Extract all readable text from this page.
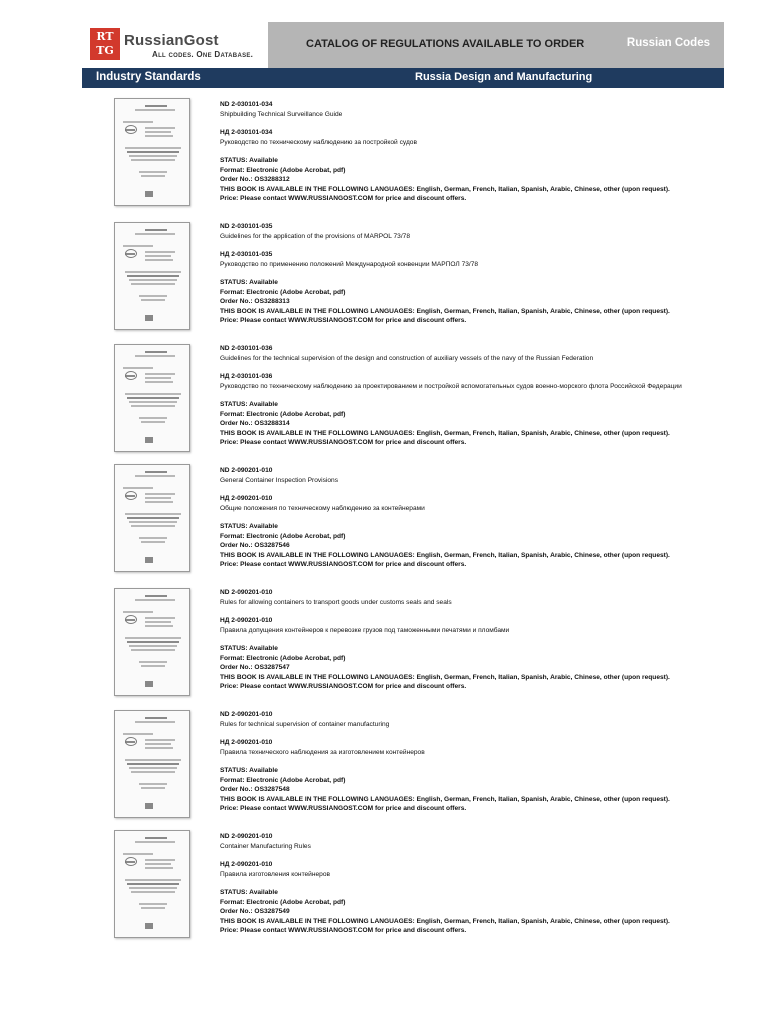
RT
TG
RussianGost
All codes. One Database.
CATALOG OF REGULATIONS AVAILABLE TO ORDER	Russian Codes
Industry Standards	Russia Design and Manufacturing
ND 2-030101-034
Shipbuilding Technical Surveillance Guide
НД 2-030101-034
Руководство по техническому наблюдению за постройкой судов
STATUS: Available
Format: Electronic (Adobe Acrobat, pdf)
Order No.: OS3288312
THIS BOOK IS AVAILABLE IN THE FOLLOWING LANGUAGES: English, German, French, Italian, Spanish, Arabic, Chinese, other (upon request).
Price: Please contact WWW.RUSSIANGOST.COM for price and discount offers.
ND 2-030101-035
Guidelines for the application of the provisions of MARPOL 73/78
НД 2-030101-035
Руководство по применению положений Международной конвенции МАРПОЛ 73/78
STATUS: Available
Format: Electronic (Adobe Acrobat, pdf)
Order No.: OS3288313
THIS BOOK IS AVAILABLE IN THE FOLLOWING LANGUAGES: English, German, French, Italian, Spanish, Arabic, Chinese, other (upon request).
Price: Please contact WWW.RUSSIANGOST.COM for price and discount offers.
ND 2-030101-036
Guidelines for the technical supervision of the design and construction of auxiliary vessels of the navy of the Russian Federation
НД 2-030101-036
Руководство по техническому наблюдению за проектированием и постройкой вспомогательных судов военно-морского флота Российской Федерации
STATUS: Available
Format: Electronic (Adobe Acrobat, pdf)
Order No.: OS3288314
THIS BOOK IS AVAILABLE IN THE FOLLOWING LANGUAGES: English, German, French, Italian, Spanish, Arabic, Chinese, other (upon request).
Price: Please contact WWW.RUSSIANGOST.COM for price and discount offers.
ND 2-090201-010
General Container Inspection Provisions
НД 2-090201-010
Общие положения по техническому наблюдению за контейнерами
STATUS: Available
Format: Electronic (Adobe Acrobat, pdf)
Order No.: OS3287546
THIS BOOK IS AVAILABLE IN THE FOLLOWING LANGUAGES: English, German, French, Italian, Spanish, Arabic, Chinese, other (upon request).
Price: Please contact WWW.RUSSIANGOST.COM for price and discount offers.
ND 2-090201-010
Rules for allowing containers to transport goods under customs seals and seals
НД 2-090201-010
Правила допущения контейнеров к перевозке грузов под таможенными печатями и пломбами
STATUS: Available
Format: Electronic (Adobe Acrobat, pdf)
Order No.: OS3287547
THIS BOOK IS AVAILABLE IN THE FOLLOWING LANGUAGES: English, German, French, Italian, Spanish, Arabic, Chinese, other (upon request).
Price: Please contact WWW.RUSSIANGOST.COM for price and discount offers.
ND 2-090201-010
Rules for technical supervision of container manufacturing
НД 2-090201-010
Правила технического наблюдения за изготовлением контейнеров
STATUS: Available
Format: Electronic (Adobe Acrobat, pdf)
Order No.: OS3287548
THIS BOOK IS AVAILABLE IN THE FOLLOWING LANGUAGES: English, German, French, Italian, Spanish, Arabic, Chinese, other (upon request).
Price: Please contact WWW.RUSSIANGOST.COM for price and discount offers.
ND 2-090201-010
Container Manufacturing Rules
НД 2-090201-010
Правила изготовления контейнеров
STATUS: Available
Format: Electronic (Adobe Acrobat, pdf)
Order No.: OS3287549
THIS BOOK IS AVAILABLE IN THE FOLLOWING LANGUAGES: English, German, French, Italian, Spanish, Arabic, Chinese, other (upon request).
Price: Please contact WWW.RUSSIANGOST.COM for price and discount offers.
